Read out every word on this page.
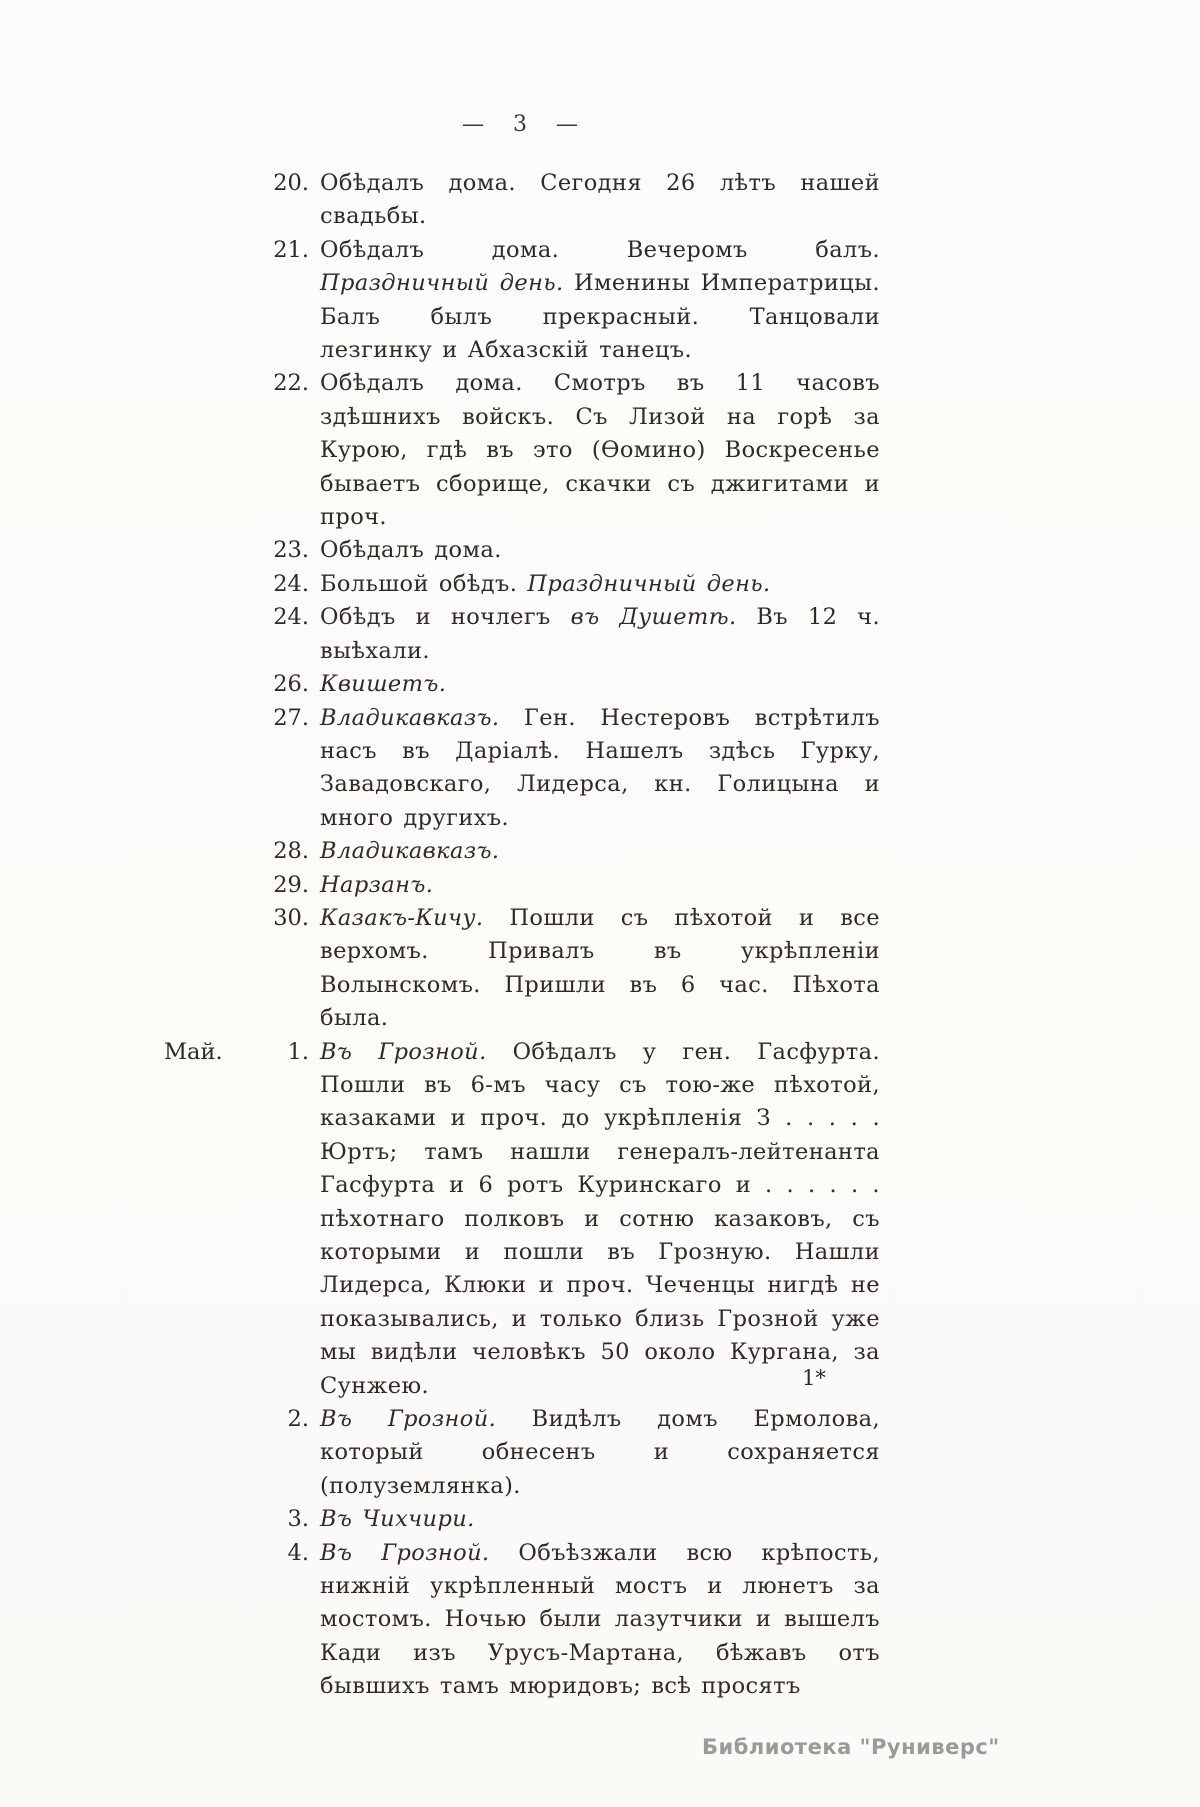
— 3 —
20. Обѣдалъ дома. Сегодня 26 лѣтъ нашей свадьбы.
21. Обѣдалъ дома. Вечеромъ балъ. Праздничный день. Именины Императрицы. Балъ былъ прекрасный. Танцовали лезгинку и Абхазскій танецъ.
22. Обѣдалъ дома. Смотръ въ 11 часовъ здѣшнихъ войскъ. Съ Лизой на горѣ за Курою, гдѣ въ это (Ѳомино) Воскресенье бываетъ сборище, скачки съ джигитами и проч.
23. Обѣдалъ дома.
24. Большой обѣдъ. Праздничный день.
24. Обѣдъ и ночлегъ въ Душетѣ. Въ 12 ч. выѣхали.
26. Квишетъ.
27. Владикавказъ. Ген. Нестеровъ встрѣтилъ насъ въ Даріалѣ. Нашелъ здѣсь Гурку, Завадовскаго, Лидерса, кн. Голицына и много другихъ.
28. Владикавказъ.
29. Нарзанъ.
30. Казакъ-Кичу. Пошли съ пѣхотой и все верхомъ. Привалъ въ укрѣпленіи Волынскомъ. Пришли въ 6 час. Пѣхота была.
Май.	1. Въ Грозной. Обѣдалъ у ген. Гасфурта. Пошли въ 6-мъ часу съ тою-же пѣхотой, казаками и проч. до укрѣпленія З . . . . . Юртъ; тамъ нашли генералъ-лейтенанта Гасфурта и 6 ротъ Куринскаго и . . . . . . пѣхотнаго полковъ и сотню казаковъ, съ которыми и пошли въ Грозную. Нашли Лидерса, Клюки и проч. Чеченцы нигдѣ не показывались, и только близь Грозной уже мы видѣли человѣкъ 50 около Кургана, за Сунжею.
2. Въ Грозной. Видѣлъ домъ Ермолова, который обнесенъ и сохраняется (полуземлянка).
3. Въ Чихчири.
4. Въ Грозной. Объѣзжали всю крѣпость, нижній укрѣпленный мостъ и люнетъ за мостомъ. Ночью были лазутчики и вышелъ Кади изъ Урусъ-Мартана, бѣжавъ отъ бывшихъ тамъ мюридовъ; всѣ просятъ
1*
Библиотека "Руниверс"
